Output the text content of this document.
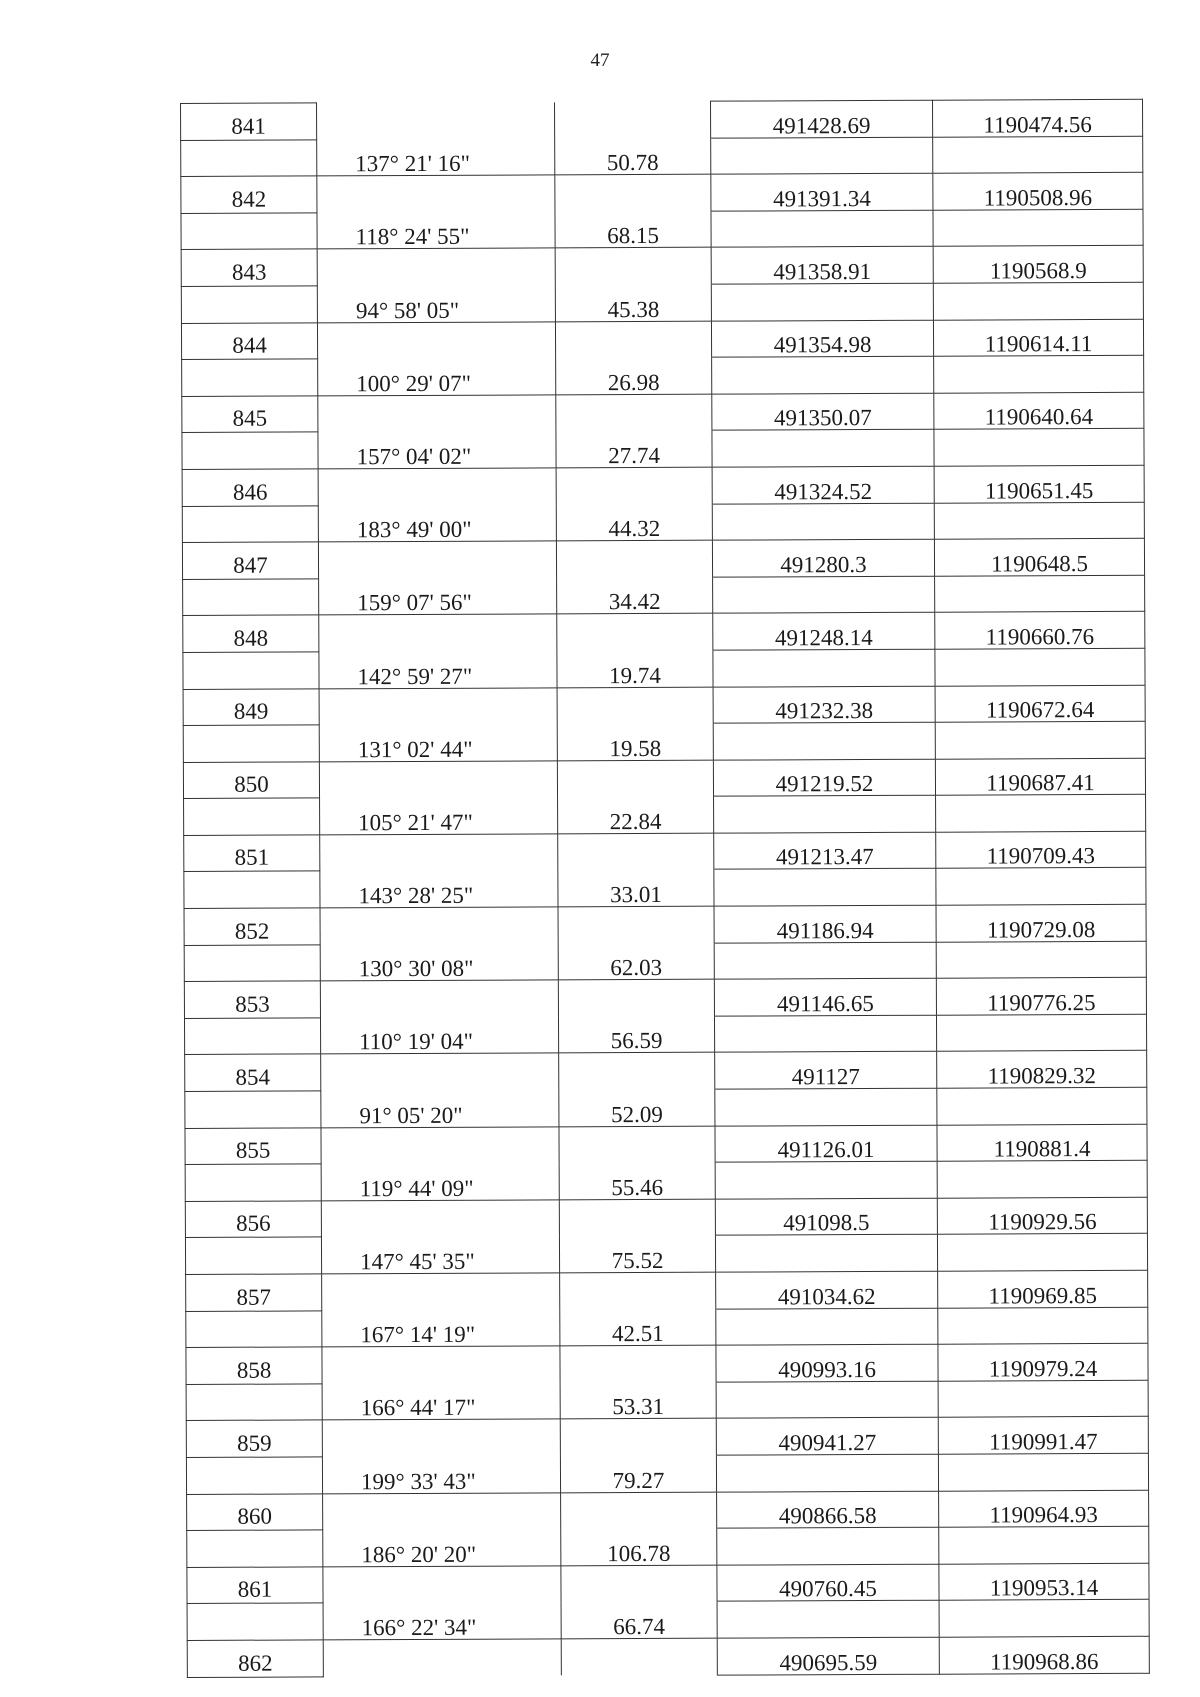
47
841			491428.69	1190474.56
	137° 21' 16"	50.78		
842			491391.34	1190508.96
	118° 24' 55"	68.15		
843			491358.91	1190568.9
	94° 58' 05"	45.38		
844			491354.98	1190614.11
	100° 29' 07"	26.98		
845			491350.07	1190640.64
	157° 04' 02"	27.74		
846			491324.52	1190651.45
	183° 49' 00"	44.32		
847			491280.3	1190648.5
	159° 07' 56"	34.42		
848			491248.14	1190660.76
	142° 59' 27"	19.74		
849			491232.38	1190672.64
	131° 02' 44"	19.58		
850			491219.52	1190687.41
	105° 21' 47"	22.84		
851			491213.47	1190709.43
	143° 28' 25"	33.01		
852			491186.94	1190729.08
	130° 30' 08"	62.03		
853			491146.65	1190776.25
	110° 19' 04"	56.59		
854			491127	1190829.32
	91° 05' 20"	52.09		
855			491126.01	1190881.4
	119° 44' 09"	55.46		
856			491098.5	1190929.56
	147° 45' 35"	75.52		
857			491034.62	1190969.85
	167° 14' 19"	42.51		
858			490993.16	1190979.24
	166° 44' 17"	53.31		
859			490941.27	1190991.47
	199° 33' 43"	79.27		
860			490866.58	1190964.93
	186° 20' 20"	106.78		
861			490760.45	1190953.14
	166° 22' 34"	66.74		
862			490695.59	1190968.86
